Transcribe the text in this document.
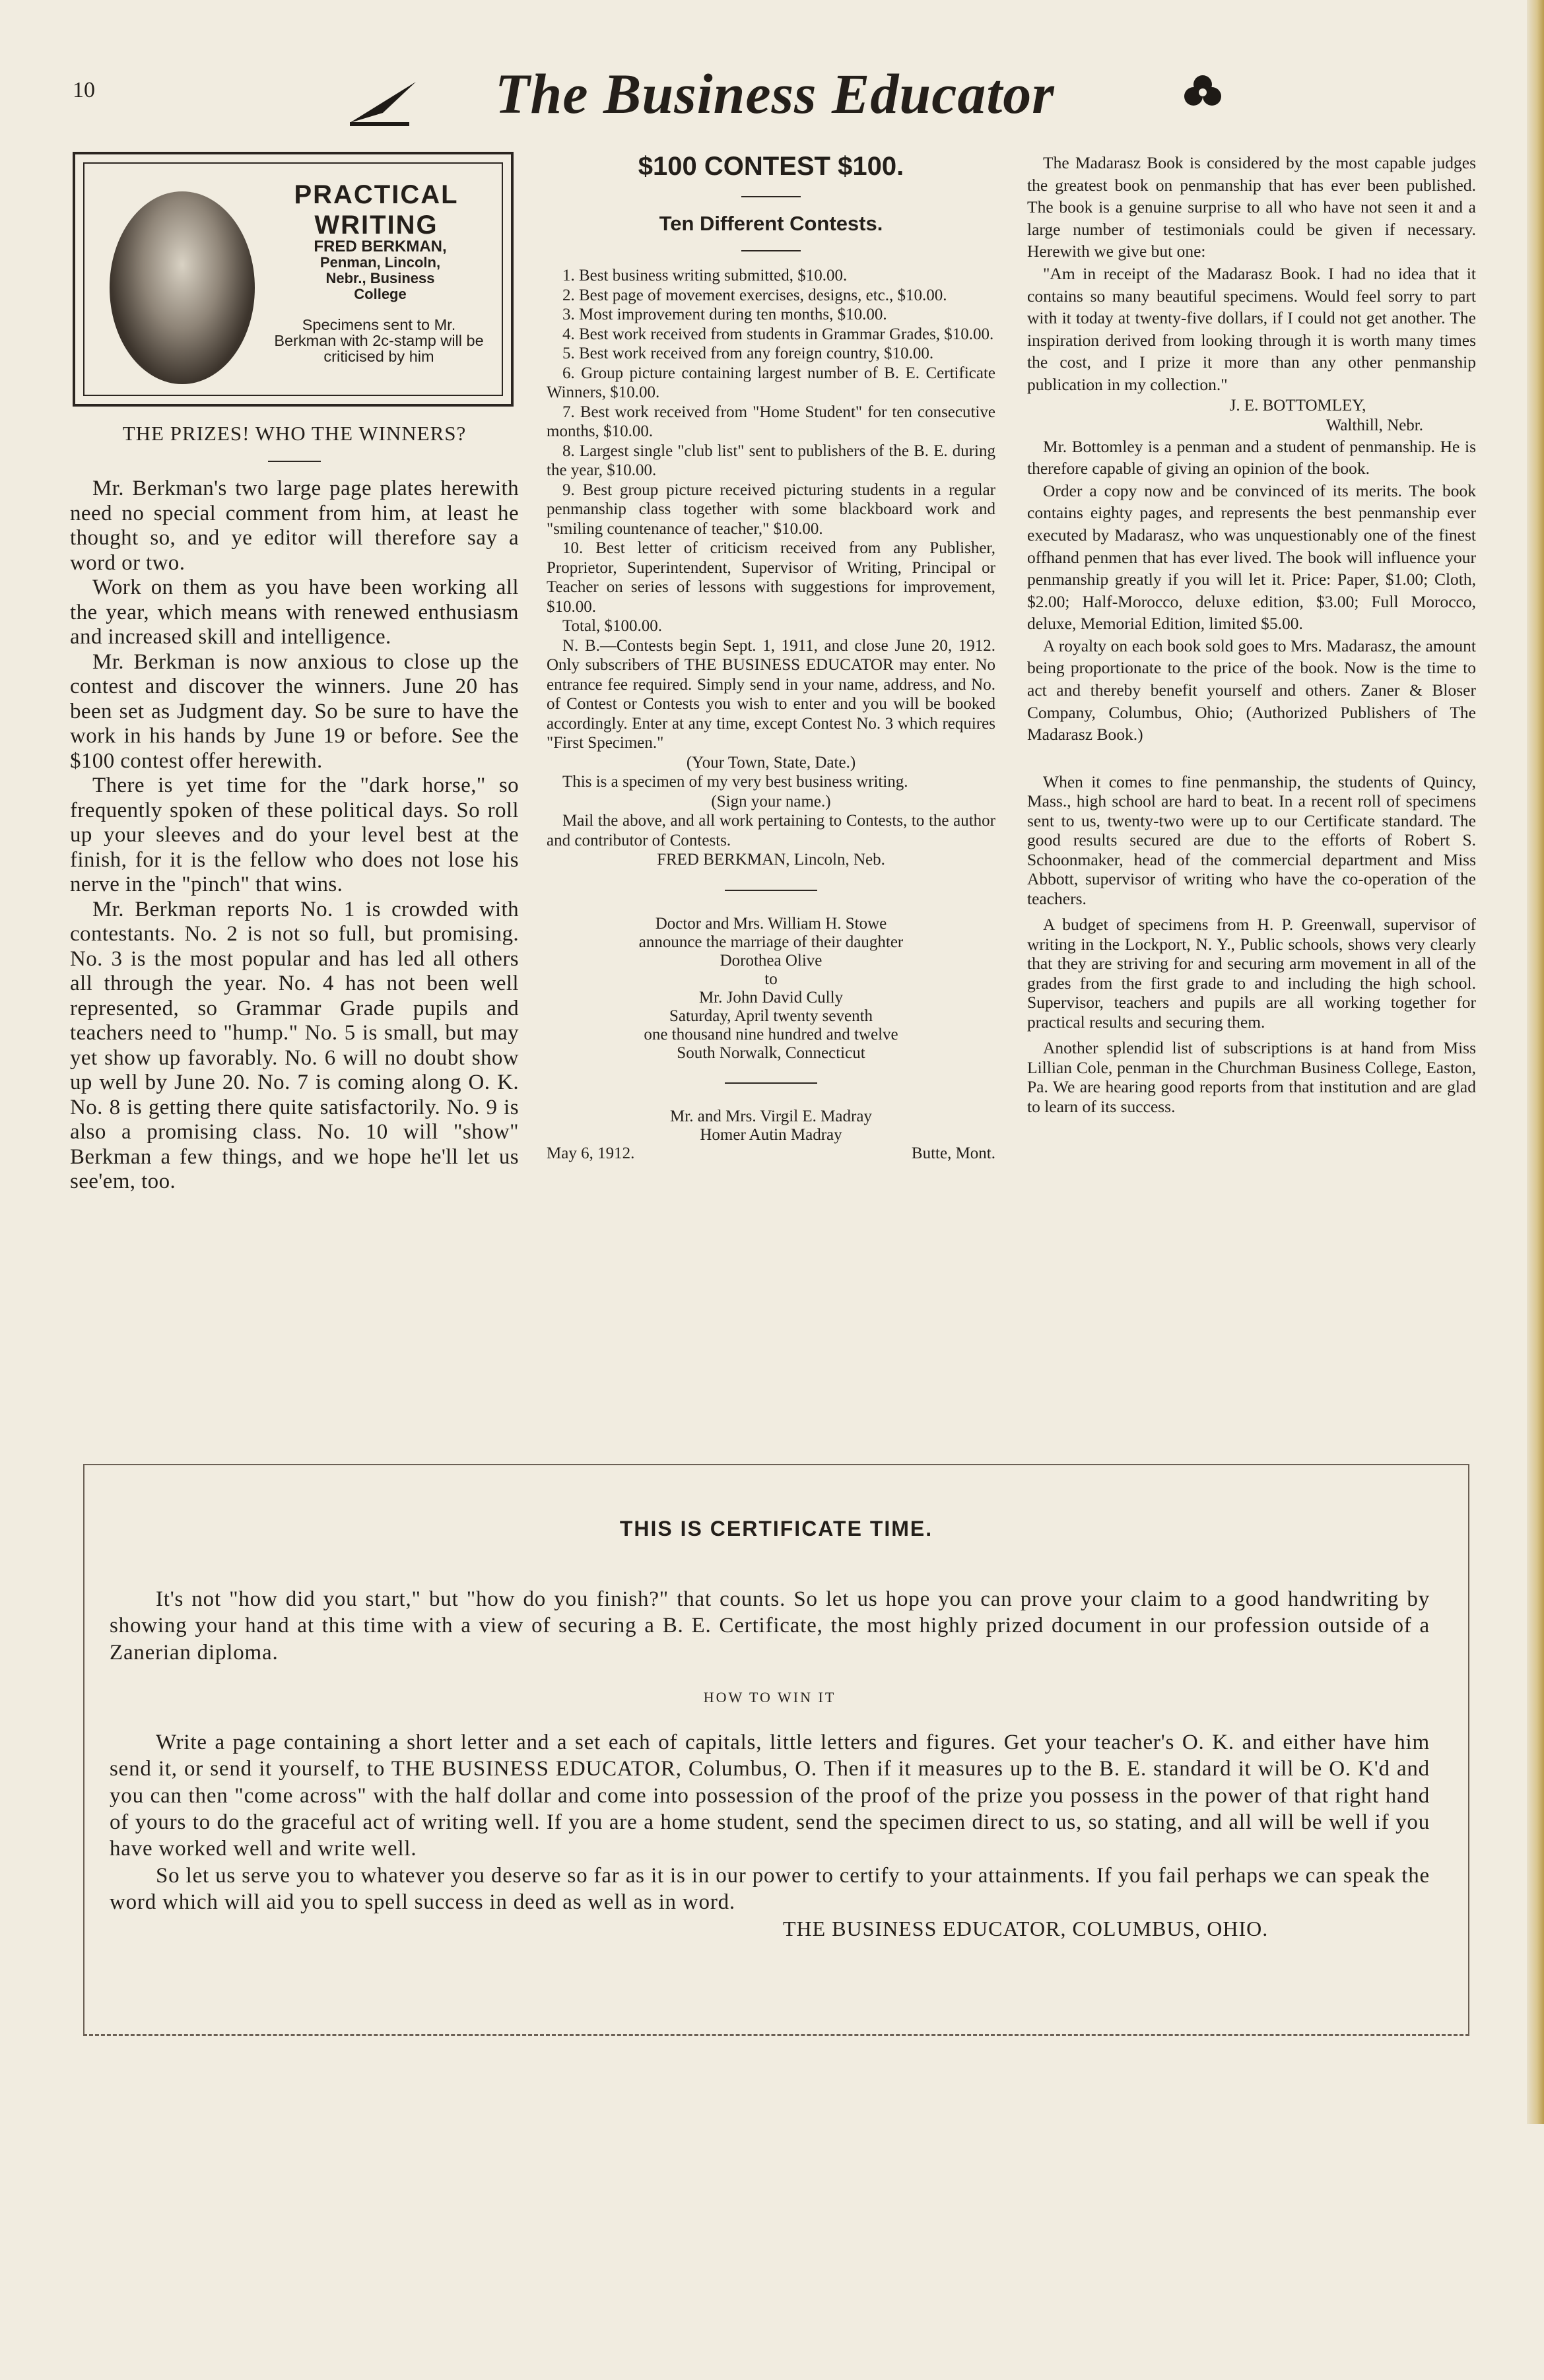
10	The Business Educator
PRACTICAL
WRITING
FRED BERKMAN,
Penman, Lincoln,
Nebr., Business
College
Specimens sent to Mr. Berkman with 2c-stamp will be criticised by him
THE PRIZES! WHO THE WINNERS?

Mr. Berkman's two large page plates herewith need no special comment from him, at least he thought so, and ye editor will therefore say a word or two.

Work on them as you have been working all the year, which means with renewed enthusiasm and increased skill and intelligence.

Mr. Berkman is now anxious to close up the contest and discover the winners. June 20 has been set as Judgment day. So be sure to have the work in his hands by June 19 or before. See the $100 contest offer herewith.

There is yet time for the "dark horse," so frequently spoken of these political days. So roll up your sleeves and do your level best at the finish, for it is the fellow who does not lose his nerve in the "pinch" that wins.

Mr. Berkman reports No. 1 is crowded with contestants. No. 2 is not so full, but promising. No. 3 is the most popular and has led all others all through the year. No. 4 has not been well represented, so Grammar Grade pupils and teachers need to "hump." No. 5 is small, but may yet show up favorably. No. 6 will no doubt show up well by June 20. No. 7 is coming along O. K. No. 8 is getting there quite satisfactorily. No. 9 is also a promising class. No. 10 will "show" Berkman a few things, and we hope he'll let us see'em, too.

$100 CONTEST $100.
Ten Different Contests.

1. Best business writing submitted, $10.00.

2. Best page of movement exercises, designs, etc., $10.00.

3. Most improvement during ten months, $10.00.

4. Best work received from students in Grammar Grades, $10.00.

5. Best work received from any foreign country, $10.00.

6. Group picture containing largest number of B. E. Certificate Winners, $10.00.

7. Best work received from "Home Student" for ten consecutive months, $10.00.

8. Largest single "club list" sent to publishers of the B. E. during the year, $10.00.

9. Best group picture received picturing students in a regular penmanship class together with some blackboard work and "smiling countenance of teacher," $10.00.

10. Best letter of criticism received from any Publisher, Proprietor, Superintendent, Supervisor of Writing, Principal or Teacher on series of lessons with suggestions for improvement, $10.00.

Total, $100.00.

N. B.—Contests begin Sept. 1, 1911, and close June 20, 1912. Only subscribers of THE BUSINESS EDUCATOR may enter. No entrance fee required. Simply send in your name, address, and No. of Contest or Contests you wish to enter and you will be booked accordingly. Enter at any time, except Contest No. 3 which requires "First Specimen."

(Your Town, State, Date.)

This is a specimen of my very best business writing.

(Sign your name.)

Mail the above, and all work pertaining to Contests, to the author and contributor of Contests.

FRED BERKMAN, Lincoln, Neb.

Doctor and Mrs. William H. Stowe
announce the marriage of their daughter
Dorothea Olive
to
Mr. John David Cully
Saturday, April twenty seventh
one thousand nine hundred and twelve
South Norwalk, Connecticut
Mr. and Mrs. Virgil E. Madray
Homer Autin Madray
May 6, 1912.	Butte, Mont.

The Madarasz Book is considered by the most capable judges the greatest book on penmanship that has ever been published. The book is a genuine surprise to all who have not seen it and a large number of testimonials could be given if necessary. Herewith we give but one:

"Am in receipt of the Madarasz Book. I had no idea that it contains so many beautiful specimens. Would feel sorry to part with it today at twenty-five dollars, if I could not get another. The inspiration derived from looking through it is worth many times the cost, and I prize it more than any other penmanship publication in my collection."

J. E. BOTTOMLEY,
Walthill, Nebr.

Mr. Bottomley is a penman and a student of penmanship. He is therefore capable of giving an opinion of the book.

Order a copy now and be convinced of its merits. The book contains eighty pages, and represents the best penmanship ever executed by Madarasz, who was unquestionably one of the finest offhand penmen that has ever lived. The book will influence your penmanship greatly if you will let it. Price: Paper, $1.00; Cloth, $2.00; Half-Morocco, deluxe edition, $3.00; Full Morocco, deluxe, Memorial Edition, limited $5.00.

A royalty on each book sold goes to Mrs. Madarasz, the amount being proportionate to the price of the book. Now is the time to act and thereby benefit yourself and others. Zaner & Bloser Company, Columbus, Ohio; (Authorized Publishers of The Madarasz Book.)

When it comes to fine penmanship, the students of Quincy, Mass., high school are hard to beat. In a recent roll of specimens sent to us, twenty-two were up to our Certificate standard. The good results secured are due to the efforts of Robert S. Schoonmaker, head of the commercial department and Miss Abbott, supervisor of writing who have the co-operation of the teachers.

A budget of specimens from H. P. Greenwall, supervisor of writing in the Lockport, N. Y., Public schools, shows very clearly that they are striving for and securing arm movement in all of the grades from the first grade to and including the high school. Supervisor, teachers and pupils are all working together for practical results and securing them.

Another splendid list of subscriptions is at hand from Miss Lillian Cole, penman in the Churchman Business College, Easton, Pa. We are hearing good reports from that institution and are glad to learn of its success.

THIS IS CERTIFICATE TIME.

It's not "how did you start," but "how do you finish?" that counts. So let us hope you can prove your claim to a good handwriting by showing your hand at this time with a view of securing a B. E. Certificate, the most highly prized document in our profession outside of a Zanerian diploma.

HOW TO WIN IT

Write a page containing a short letter and a set each of capitals, little letters and figures. Get your teacher's O. K. and either have him send it, or send it yourself, to THE BUSINESS EDUCATOR, Columbus, O. Then if it measures up to the B. E. standard it will be O. K'd and you can then "come across" with the half dollar and come into possession of the proof of the prize you possess in the power of that right hand of yours to do the graceful act of writing well. If you are a home student, send the specimen direct to us, so stating, and all will be well if you have worked well and write well.

So let us serve you to whatever you deserve so far as it is in our power to certify to your attainments. If you fail perhaps we can speak the word which will aid you to spell success in deed as well as in word.

THE BUSINESS EDUCATOR, COLUMBUS, OHIO.
